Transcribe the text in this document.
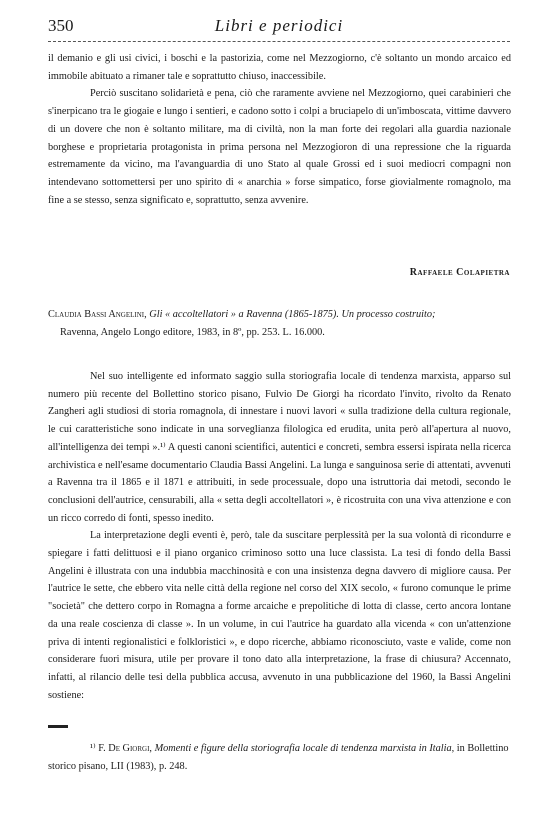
350	Libri e periodici

il demanio e gli usi civici, i boschi e la pastorizia, come nel Mezzogiorno, c'è soltanto un mondo arcaico ed immobile abituato a rimaner tale e soprattutto chiuso, inaccessibile.

Perciò suscitano solidarietà e pena, ciò che raramente avviene nel Mezzogiorno, quei carabinieri che s'inerpicano tra le giogaie e lungo i sentieri, e cadono sotto i colpi a bruciapelo di un'imboscata, vittime davvero di un dovere che non è soltanto militare, ma di civiltà, non la man forte dei regolari alla guardia nazionale borghese e proprietaria protagonista in prima persona nel Mezzogioron di una repressione che la riguarda estremamente da vicino, ma l'avanguardia di uno Stato al quale Grossi ed i suoi mediocri compagni non intendevano sottomettersi per uno spirito di « anarchia » forse simpatico, forse giovialmente romagnolo, ma fine a se stesso, senza significato e, soprattutto, senza avvenire.

Raffaele Colapietra
Claudia Bassi Angelini, Gli « accoltellatori » a Ravenna (1865-1875). Un processo costruito;
Ravenna, Angelo Longo editore, 1983, in 8º, pp. 253. L. 16.000.

Nel suo intelligente ed informato saggio sulla storiografia locale di tendenza marxista, apparso sul numero più recente del Bollettino storico pisano, Fulvio De Giorgi ha ricordato l'invito, rivolto da Renato Zangheri agli studiosi di storia romagnola, di innestare i nuovi lavori « sulla tradizione della cultura regionale, le cui caratteristiche sono indicate in una sorveglianza filologica ed erudita, unita però all'apertura al nuovo, all'intelligenza dei tempi ».¹⁾ A questi canoni scientifici, autentici e concreti, sembra essersi ispirata nella ricerca archivistica e nell'esame documentario Claudia Bassi Angelini. La lunga e sanguinosa serie di attentati, avvenuti a Ravenna tra il 1865 e il 1871 e attribuiti, in sede processuale, dopo una istruttoria dai metodi, secondo le conclusioni dell'autrice, censurabili, alla « setta degli accoltellatori », è ricostruita con una viva attenzione e con un ricco corredo di fonti, spesso inedito.

La interpretazione degli eventi è, però, tale da suscitare perplessità per la sua volontà di ricondurre e spiegare i fatti delittuosi e il piano organico criminoso sotto una luce classista. La tesi di fondo della Bassi Angelini è illustrata con una indubbia macchinosità e con una insistenza degna davvero di migliore causa. Per l'autrice le sette, che ebbero vita nelle città della regione nel corso del XIX secolo, « furono comunque le prime "società" che dettero corpo in Romagna a forme arcaiche e prepolitiche di lotta di classe, certo ancora lontane da una reale coscienza di classe ». In un volume, in cui l'autrice ha guardato alla vicenda « con un'attenzione priva di intenti regionalistici e folkloristici », e dopo ricerche, abbiamo riconosciuto, vaste e valide, come non considerare fuori misura, utile per provare il tono dato alla interpretazione, la frase di chiusura? Accennato, infatti, al rilancio delle tesi della pubblica accusa, avvenuto in una pubblicazione del 1960, la Bassi Angelini sostiene:

¹⁾ F. De Giorgi, Momenti e figure della storiografia locale di tendenza marxista in Italia, in Bollettino storico pisano, LII (1983), p. 248.
